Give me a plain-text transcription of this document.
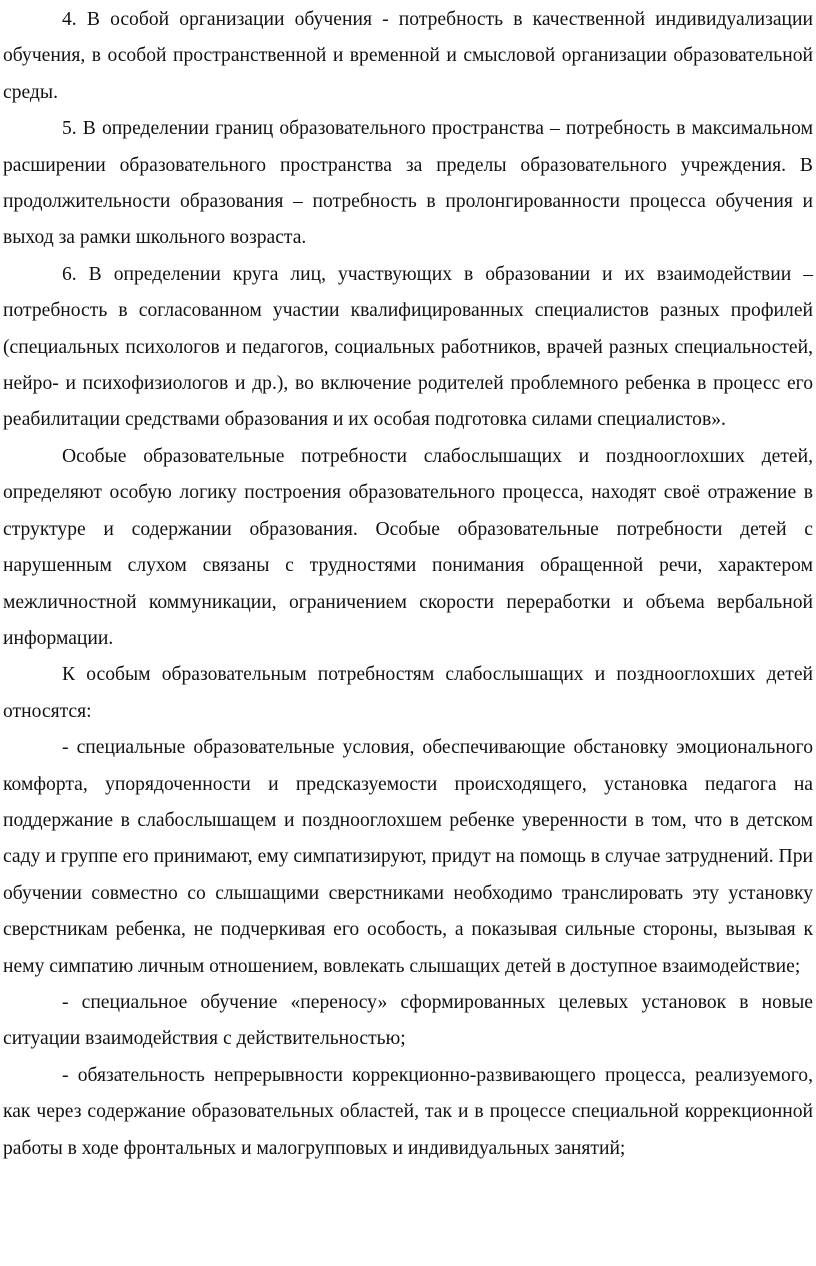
4. В особой организации обучения - потребность в качественной индивидуализации обучения, в особой пространственной и временной и смысловой организации образовательной среды.

5. В определении границ образовательного пространства – потребность в максимальном расширении образовательного пространства за пределы образовательного учреждения. В продолжительности образования – потребность в пролонгированности процесса обучения и выход за рамки школьного возраста.

6. В определении круга лиц, участвующих в образовании и их взаимодействии – потребность в согласованном участии квалифицированных специалистов разных профилей (специальных психологов и педагогов, социальных работников, врачей разных специальностей, нейро- и психофизиологов и др.), во включение родителей проблемного ребенка в процесс его реабилитации средствами образования и их особая подготовка силами специалистов».

Особые образовательные потребности слабослышащих и позднооглохших детей, определяют особую логику построения образовательного процесса, находят своё отражение в структуре и содержании образования. Особые образовательные потребности детей с нарушенным слухом связаны с трудностями понимания обращенной речи, характером межличностной коммуникации, ограничением скорости переработки и объема вербальной информации.

К особым образовательным потребностям слабослышащих и позднооглохших детей относятся:

- специальные образовательные условия, обеспечивающие обстановку эмоционального комфорта, упорядоченности и предсказуемости происходящего, установка педагога на поддержание в слабослышащем и позднооглохшем ребенке уверенности в том, что в детском саду и группе его принимают, ему симпатизируют, придут на помощь в случае затруднений. При обучении совместно со слышащими сверстниками необходимо транслировать эту установку сверстникам ребенка, не подчеркивая его особость, а показывая сильные стороны, вызывая к нему симпатию личным отношением, вовлекать слышащих детей в доступное взаимодействие;

- специальное обучение «переносу» сформированных целевых установок в новые ситуации взаимодействия с действительностью;

- обязательность непрерывности коррекционно-развивающего процесса, реализуемого, как через содержание образовательных областей, так и в процессе специальной коррекционной работы в ходе фронтальных и малогрупповых и индивидуальных занятий;
